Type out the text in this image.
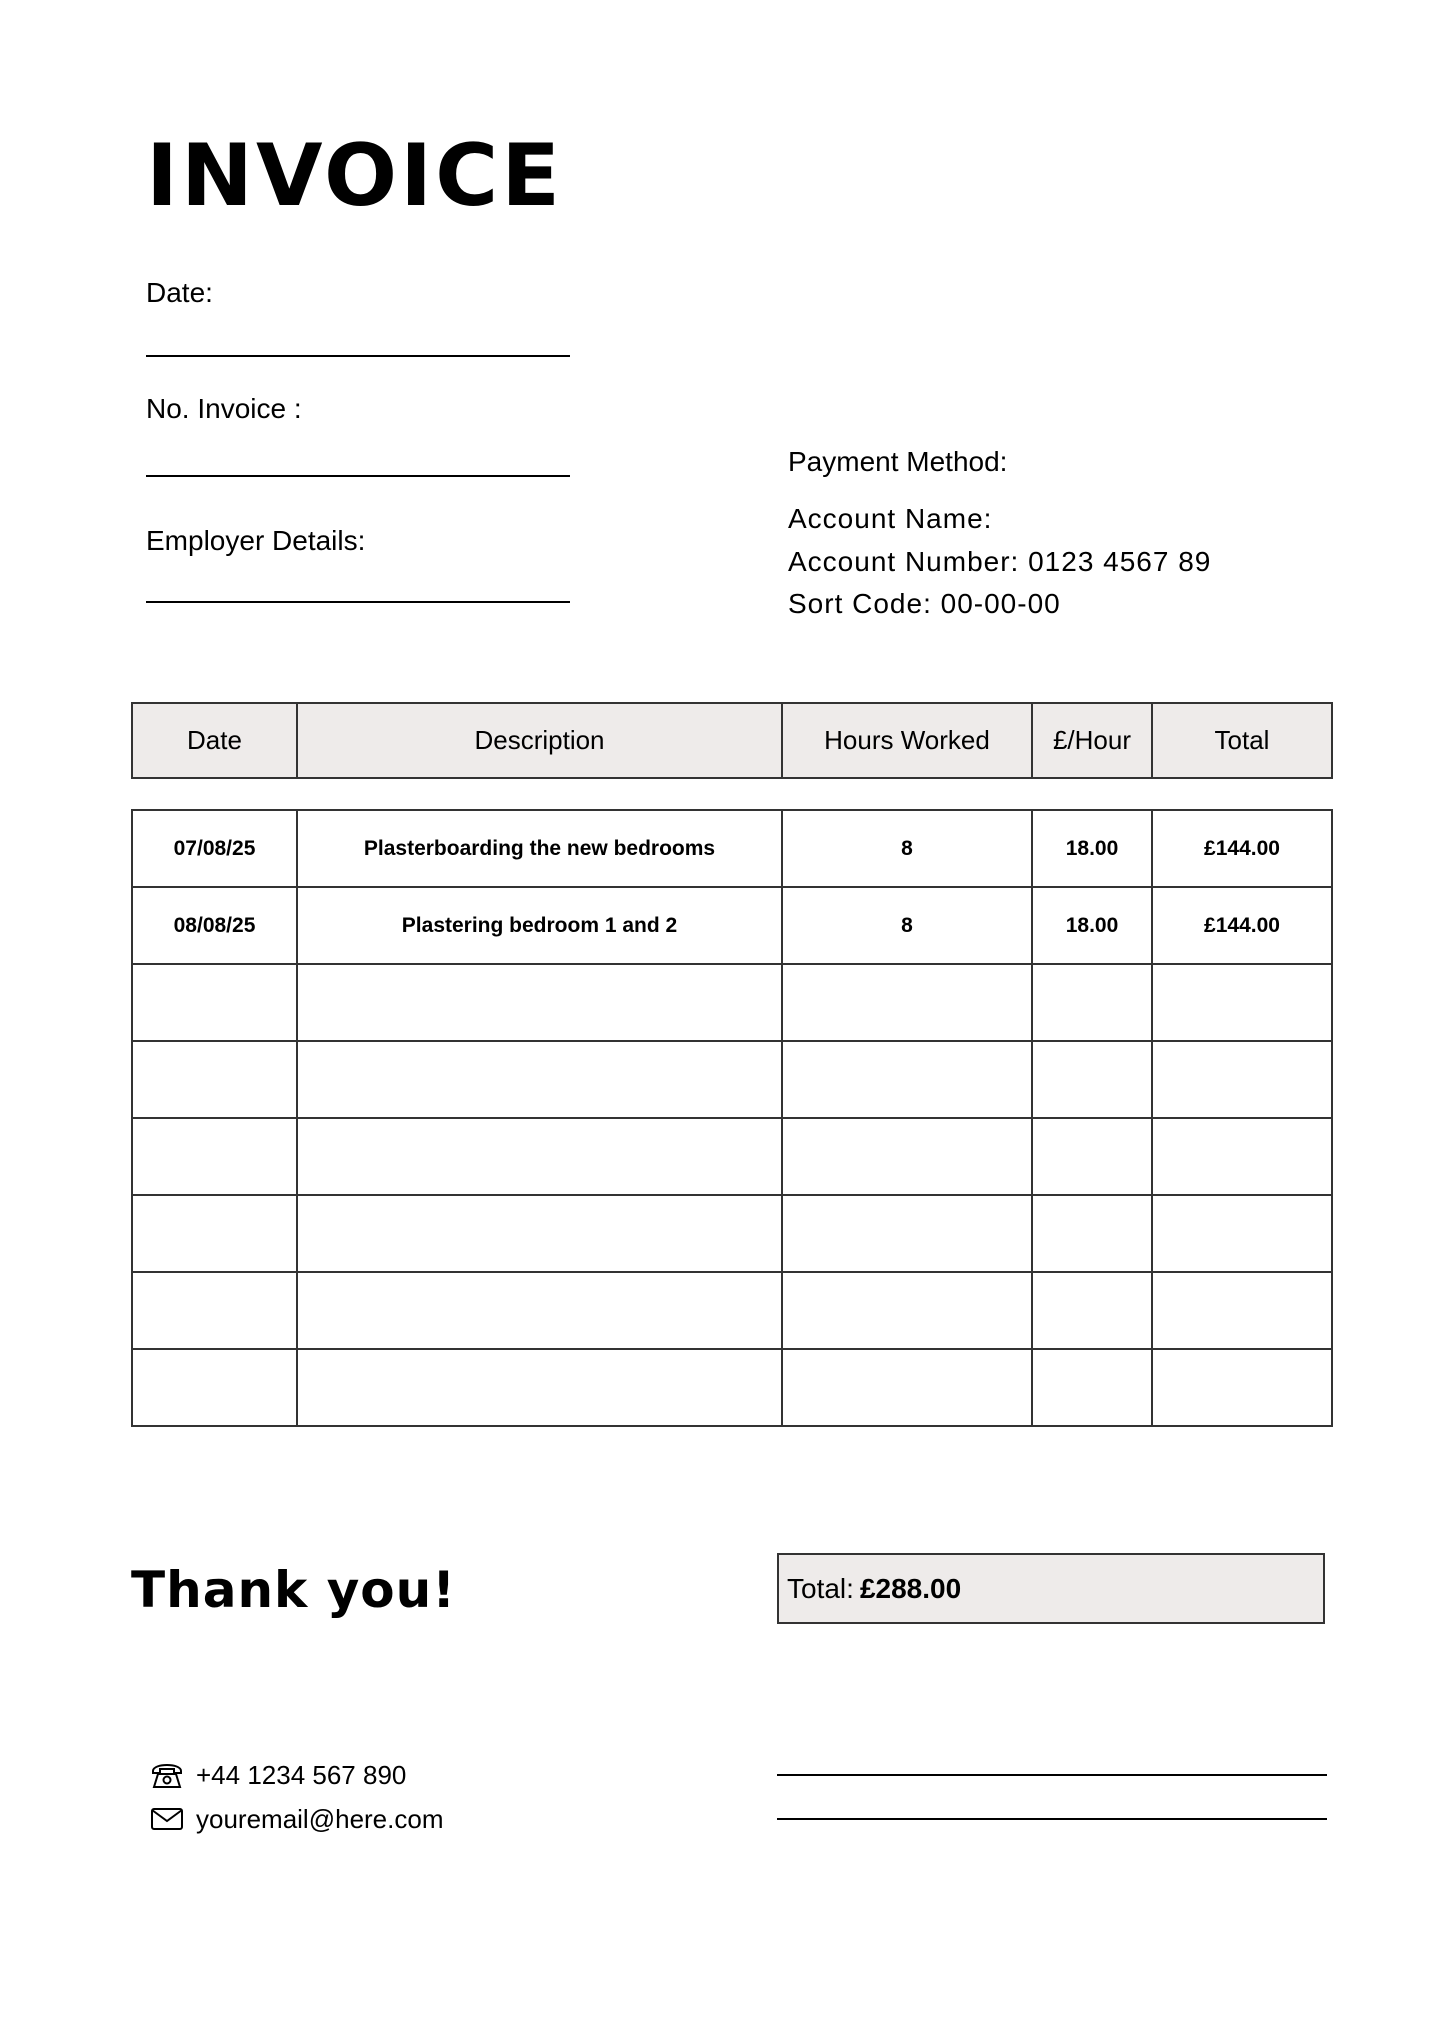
INVOICE
Date:
No. Invoice :
Employer Details:
Payment Method:
Account Name:
Account Number: 0123 4567 89
Sort Code: 00-00-00
Date	Description	Hours Worked	£/Hour	Total
07/08/25	Plasterboarding the new bedrooms	8	18.00	£144.00
08/08/25	Plastering bedroom 1 and 2	8	18.00	£144.00

Thank you!	Total: £288.00
+44 1234 567 890
youremail@here.com
